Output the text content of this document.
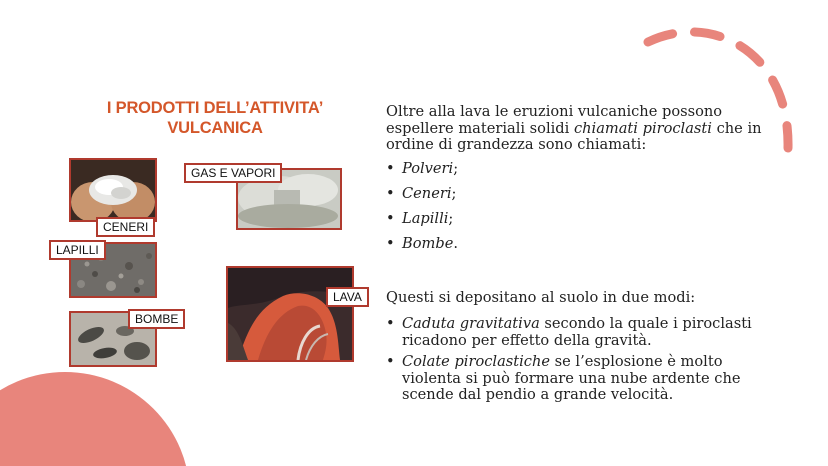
I PRODOTTI DELL’ATTIVITA’
VULCANICA
CENERI
GAS E VAPORI
LAPILLI
BOMBE
LAVA
Oltre alla lava le eruzioni vulcaniche possono espellere materiali solidi chiamati piroclasti che in ordine di grandezza sono chiamati:
• Polveri;
• Ceneri;
• Lapilli;
• Bombe.
Questi si depositano al suolo in due modi:
• Caduta gravitativa secondo la quale i piroclasti ricadono per effetto della gravità.
• Colate piroclastiche se l’esplosione è molto violenta si può formare una nube ardente che scende dal pendio a grande velocità.
